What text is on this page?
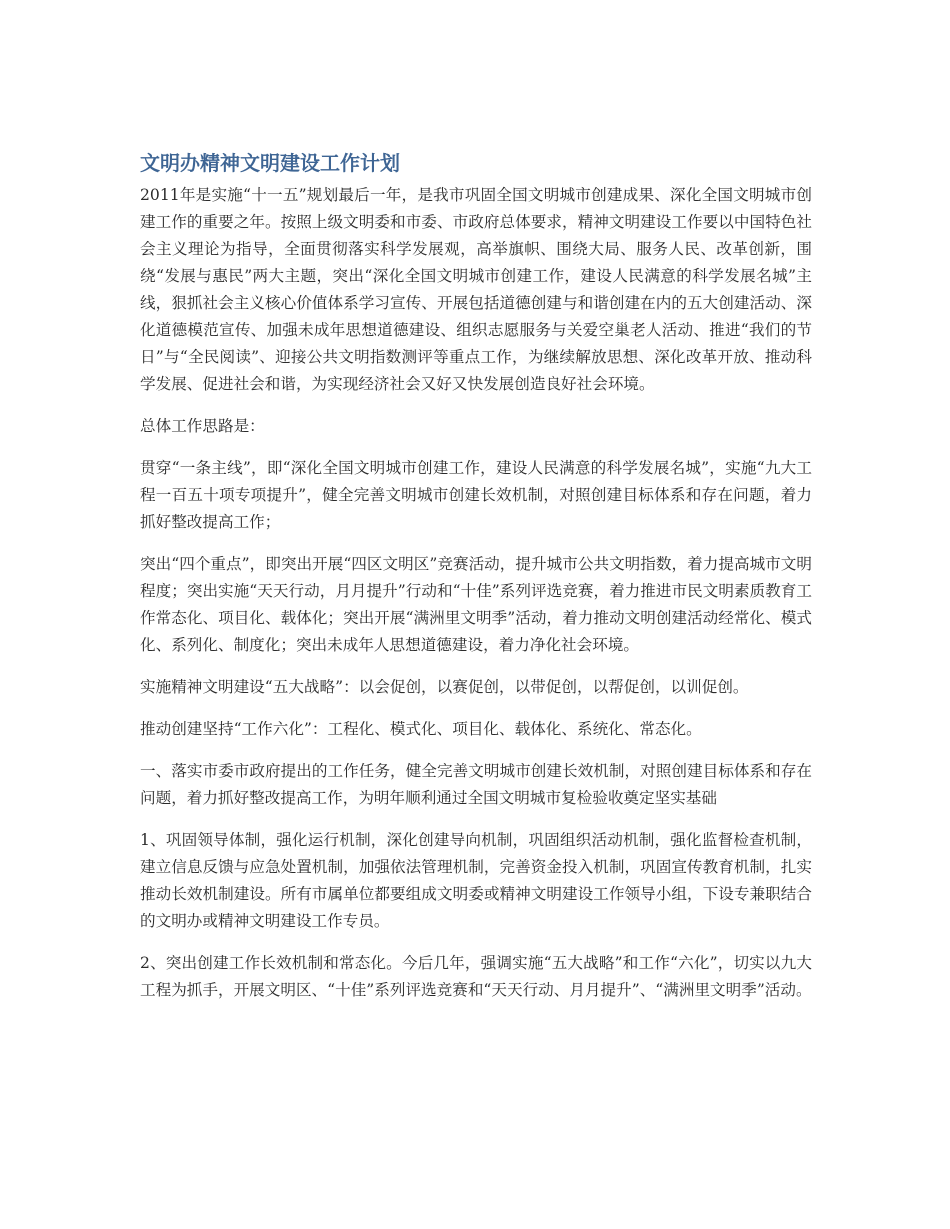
文明办精神文明建设工作计划

2011年是实施“十一五”规划最后一年，是我市巩固全国文明城市创建成果、深化全国文明城市创建工作的重要之年。按照上级文明委和市委、市政府总体要求，精神文明建设工作要以中国特色社会主义理论为指导，全面贯彻落实科学发展观，高举旗帜、围绕大局、服务人民、改革创新，围绕“发展与惠民”两大主题，突出“深化全国文明城市创建工作，建设人民满意的科学发展名城”主线，狠抓社会主义核心价值体系学习宣传、开展包括道德创建与和谐创建在内的五大创建活动、深化道德模范宣传、加强未成年思想道德建设、组织志愿服务与关爱空巢老人活动、推进“我们的节日”与“全民阅读”、迎接公共文明指数测评等重点工作，为继续解放思想、深化改革开放、推动科学发展、促进社会和谐，为实现经济社会又好又快发展创造良好社会环境。

总体工作思路是：

贯穿“一条主线”，即“深化全国文明城市创建工作，建设人民满意的科学发展名城”，实施“九大工程一百五十项专项提升”，健全完善文明城市创建长效机制，对照创建目标体系和存在问题，着力抓好整改提高工作；

突出“四个重点”，即突出开展“四区文明区”竞赛活动，提升城市公共文明指数，着力提高城市文明程度；突出实施“天天行动，月月提升”行动和“十佳”系列评选竞赛，着力推进市民文明素质教育工作常态化、项目化、载体化；突出开展“满洲里文明季”活动，着力推动文明创建活动经常化、模式化、系列化、制度化；突出未成年人思想道德建设，着力净化社会环境。

实施精神文明建设“五大战略”：以会促创，以赛促创，以带促创，以帮促创，以训促创。

推动创建坚持“工作六化”：工程化、模式化、项目化、载体化、系统化、常态化。

一、落实市委市政府提出的工作任务，健全完善文明城市创建长效机制，对照创建目标体系和存在问题，着力抓好整改提高工作，为明年顺利通过全国文明城市复检验收奠定坚实基础

1、巩固领导体制，强化运行机制，深化创建导向机制，巩固组织活动机制，强化监督检查机制，建立信息反馈与应急处置机制，加强依法管理机制，完善资金投入机制，巩固宣传教育机制，扎实推动长效机制建设。所有市属单位都要组成文明委或精神文明建设工作领导小组，下设专兼职结合的文明办或精神文明建设工作专员。

2、突出创建工作长效机制和常态化。今后几年，强调实施“五大战略”和工作“六化”，切实以九大工程为抓手，开展文明区、“十佳”系列评选竞赛和“天天行动、月月提升”、“满洲里文明季”活动。
